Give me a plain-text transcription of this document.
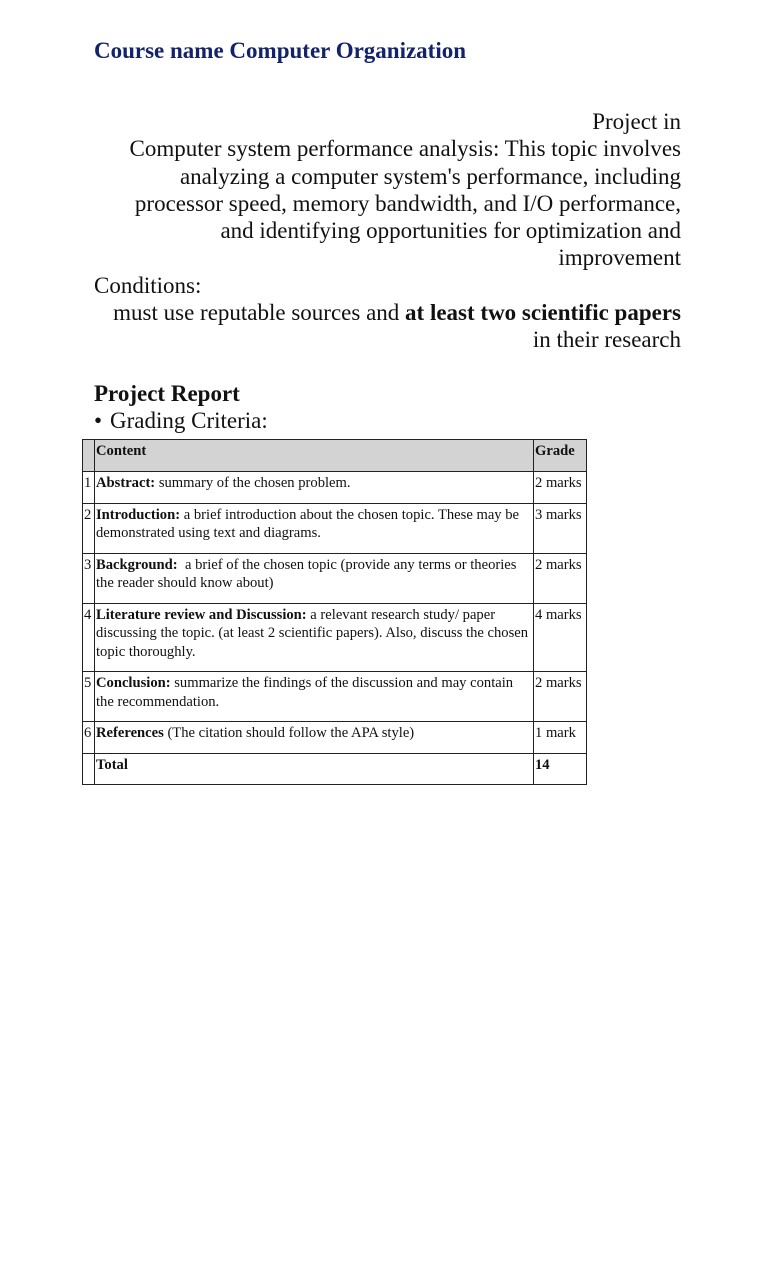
Course name Computer Organization

Project in

Computer system performance analysis: This topic involves

analyzing a computer system's performance, including

processor speed, memory bandwidth, and I/O performance,

and identifying opportunities for optimization and

improvement

Conditions:

must use reputable sources and at least two scientific papers
in their research

Project Report

• Grading Criteria:

	Content	Grade
1	Abstract: summary of the chosen problem.	2 marks
2	Introduction: a brief introduction about the chosen topic. These may be demonstrated using text and diagrams.	3 marks
3	Background:  a brief of the chosen topic (provide any terms or theories the reader should know about)	2 marks
4	Literature review and Discussion: a relevant research study/ paper discussing the topic. (at least 2 scientific papers). Also, discuss the chosen topic thoroughly.	4 marks
5	Conclusion: summarize the findings of the discussion and may contain the recommendation.	2 marks
6	References (The citation should follow the APA style)	1 mark
	Total	14
